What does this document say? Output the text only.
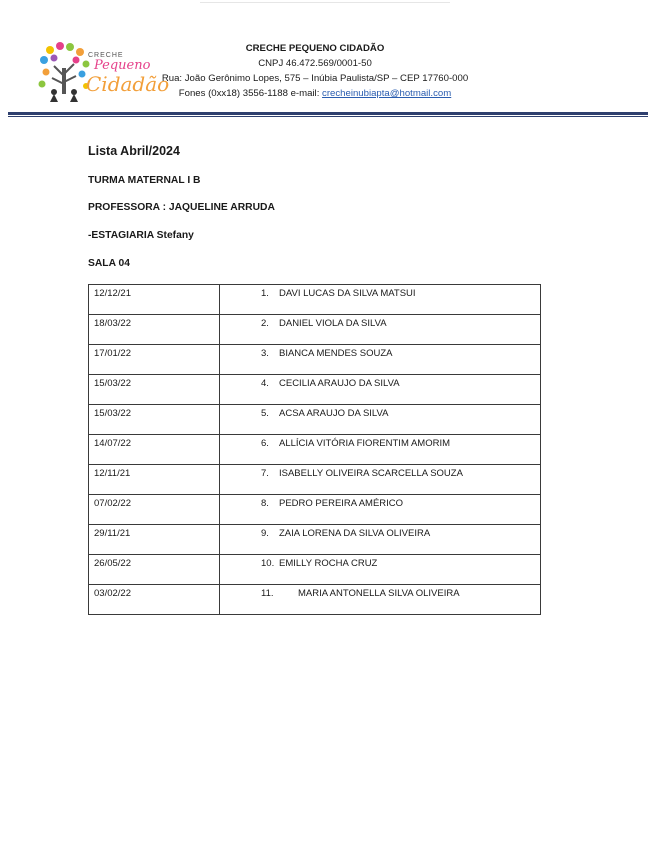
CRECHE
Pequeno
Cidadão
CRECHE PEQUENO CIDADÃO
CNPJ 46.472.569/0001-50
Rua: João Gerônimo Lopes, 575 – Inúbia Paulista/SP – CEP 17760-000
Fones (0xx18) 3556-1188 e-mail: crecheinubiapta@hotmail.com
Lista Abril/2024
TURMA MATERNAL I B
PROFESSORA : JAQUELINE ARRUDA
-ESTAGIARIA Stefany
SALA 04
12/12/21	1. DAVI LUCAS DA SILVA MATSUI
18/03/22	2. DANIEL VIOLA DA SILVA
17/01/22	3. BIANCA MENDES SOUZA
15/03/22	4. CECILIA ARAUJO DA SILVA
15/03/22	5. ACSA ARAUJO DA SILVA
14/07/22	6. ALLÍCIA VITÓRIA FIORENTIM AMORIM
12/11/21	7. ISABELLY OLIVEIRA SCARCELLA SOUZA
07/02/22	8. PEDRO PEREIRA AMÉRICO
29/11/21	9. ZAIA LORENA DA SILVA OLIVEIRA
26/05/22	10. EMILLY ROCHA CRUZ
03/02/22	11. MARIA ANTONELLA SILVA OLIVEIRA
